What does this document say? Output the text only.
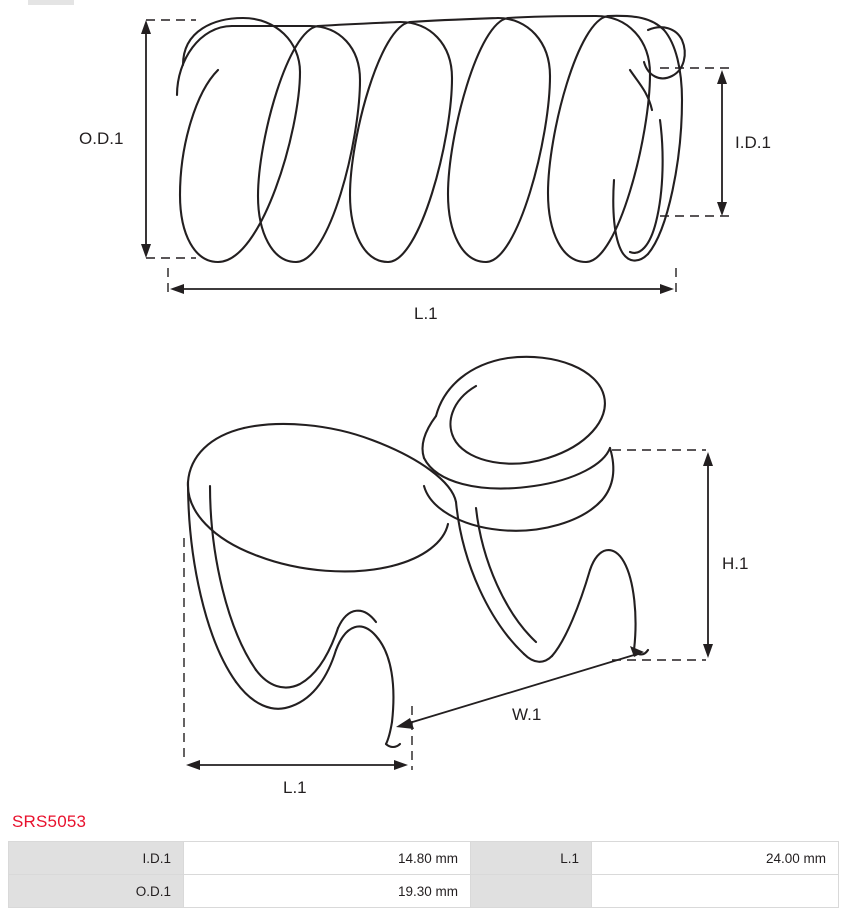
O.D.1	I.D.1
L.1
H.1
W.1
L.1
SRS5053
I.D.1	14.80 mm	L.1	24.00 mm
O.D.1	19.30 mm		
